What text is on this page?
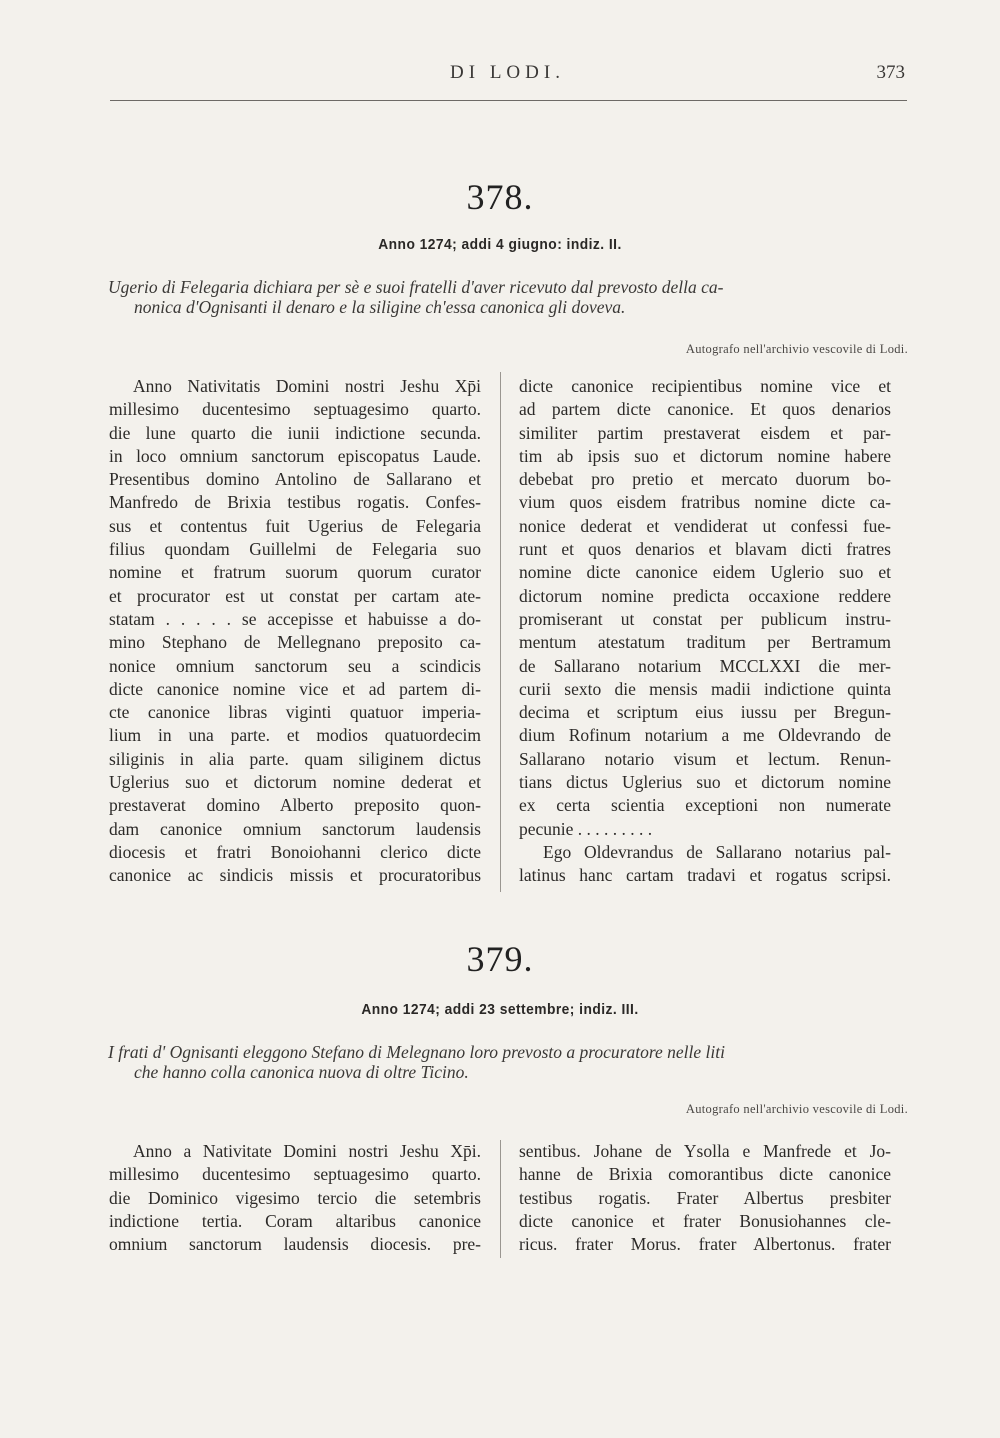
DI LODI.	373
378.
Anno 1274; addi 4 giugno: indiz. II.
Ugerio di Felegaria dichiara per sè e suoi fratelli d'aver ricevuto dal prevosto della ca-
nonica d'Ognisanti il denaro e la siligine ch'essa canonica gli doveva.
Autografo nell'archivio vescovile di Lodi.
Anno Nativitatis Domini nostri Jeshu Xp̄i
millesimo ducentesimo septuagesimo quarto.
die lune quarto die iunii indictione secunda.
in loco omnium sanctorum episcopatus Laude.
Presentibus domino Antolino de Sallarano et
Manfredo de Brixia testibus rogatis. Confes-
sus et contentus fuit Ugerius de Felegaria
filius quondam Guillelmi de Felegaria suo
nomine et fratrum suorum quorum curator
et procurator est ut constat per cartam ate-
statam . . . . . se accepisse et habuisse a do-
mino Stephano de Mellegnano preposito ca-
nonice omnium sanctorum seu a scindicis
dicte canonice nomine vice et ad partem di-
cte canonice libras viginti quatuor imperia-
lium in una parte. et modios quatuordecim
siliginis in alia parte. quam siliginem dictus
Uglerius suo et dictorum nomine dederat et
prestaverat domino Alberto preposito quon-
dam canonice omnium sanctorum laudensis
diocesis et fratri Bonoiohanni clerico dicte
canonice ac sindicis missis et procuratoribus
dicte canonice recipientibus nomine vice et
ad partem dicte canonice. Et quos denarios
similiter partim prestaverat eisdem et par-
tim ab ipsis suo et dictorum nomine habere
debebat pro pretio et mercato duorum bo-
vium quos eisdem fratribus nomine dicte ca-
nonice dederat et vendiderat ut confessi fue-
runt et quos denarios et blavam dicti fratres
nomine dicte canonice eidem Uglerio suo et
dictorum nomine predicta occaxione reddere
promiserant ut constat per publicum instru-
mentum atestatum traditum per Bertramum
de Sallarano notarium MCCLXXI die mer-
curii sexto die mensis madii indictione quinta
decima et scriptum eius iussu per Bregun-
dium Rofinum notarium a me Oldevrando de
Sallarano notario visum et lectum. Renun-
tians dictus Uglerius suo et dictorum nomine
ex certa scientia exceptioni non numerate
pecunie . . . . . . . . .
Ego Oldevrandus de Sallarano notarius pal-
latinus hanc cartam tradavi et rogatus scripsi.
379.
Anno 1274; addi 23 settembre; indiz. III.
I frati d' Ognisanti eleggono Stefano di Melegnano loro prevosto a procuratore nelle liti
che hanno colla canonica nuova di oltre Ticino.
Autografo nell'archivio vescovile di Lodi.
Anno a Nativitate Domini nostri Jeshu Xp̄i.
millesimo ducentesimo septuagesimo quarto.
die Dominico vigesimo tercio die setembris
indictione tertia. Coram altaribus canonice
omnium sanctorum laudensis diocesis. pre-
sentibus. Johane de Ysolla e Manfrede et Jo-
hanne de Brixia comorantibus dicte canonice
testibus rogatis. Frater Albertus presbiter
dicte canonice et frater Bonusiohannes cle-
ricus. frater Morus. frater Albertonus. frater
